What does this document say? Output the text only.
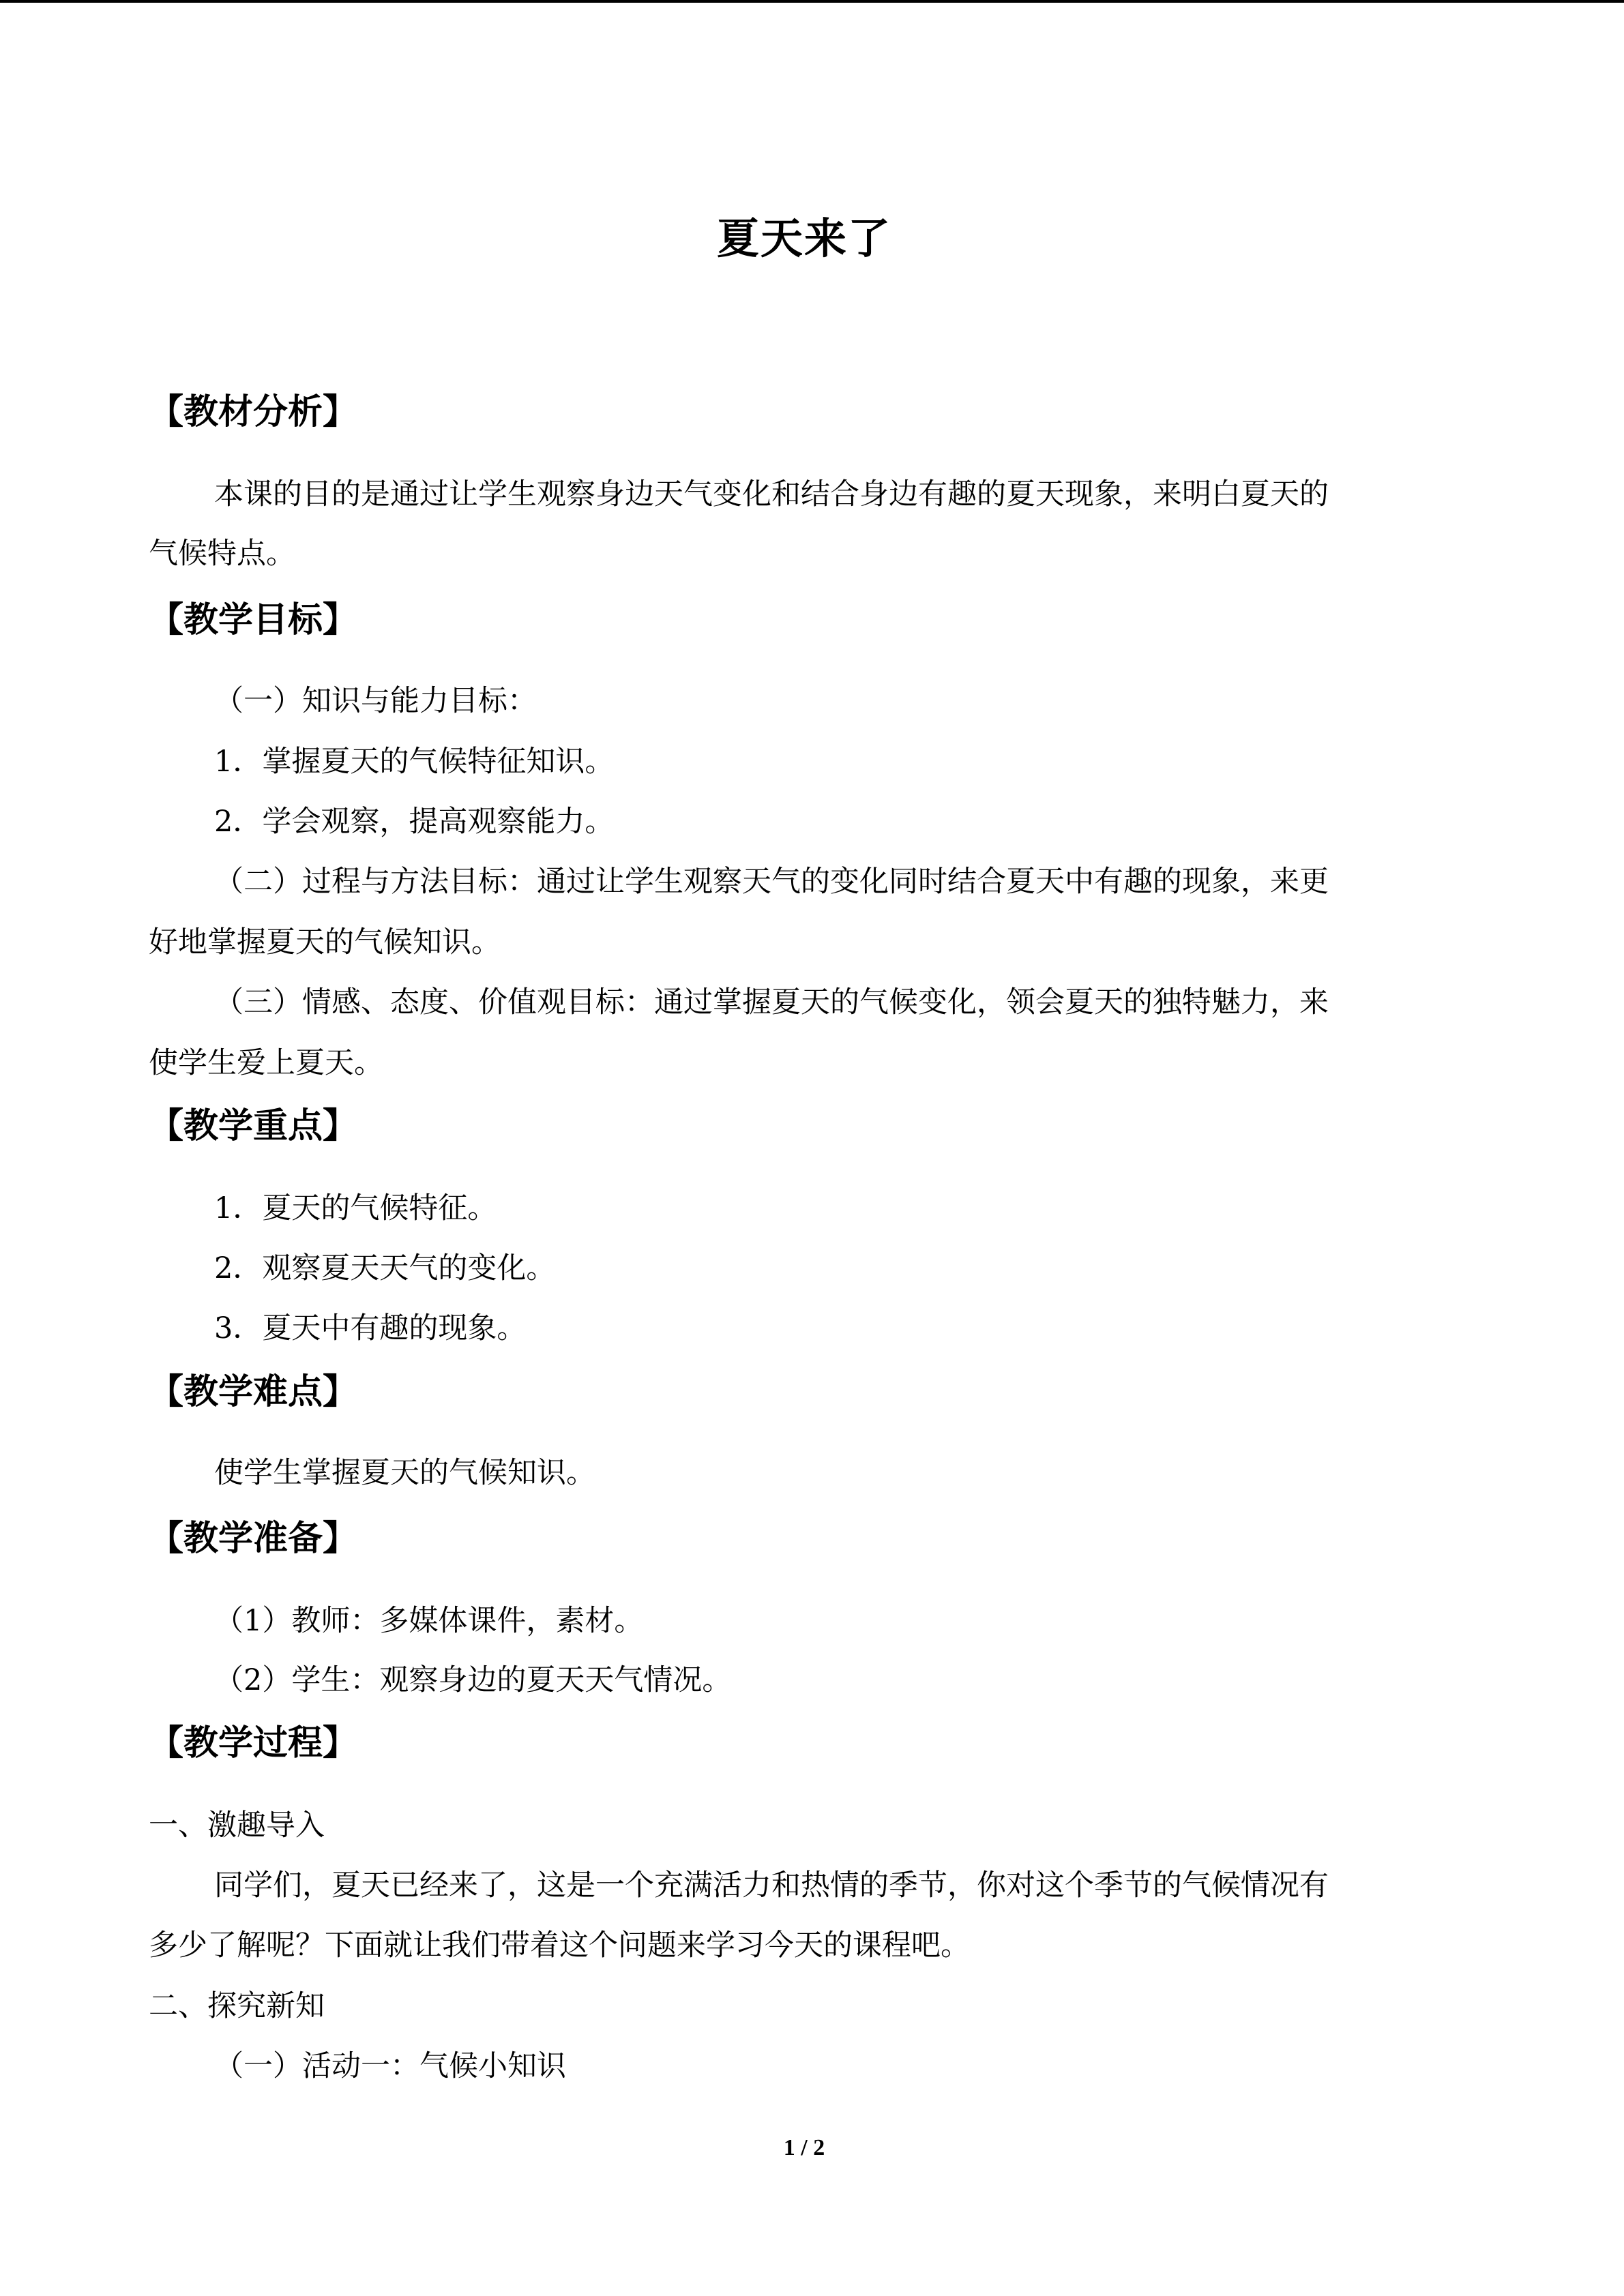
夏天来了
【教材分析】
本课的目的是通过让学生观察身边天气变化和结合身边有趣的夏天现象，来明白夏天的
气候特点。
【教学目标】
（一）知识与能力目标：
1．掌握夏天的气候特征知识。
2．学会观察，提高观察能力。
（二）过程与方法目标：通过让学生观察天气的变化同时结合夏天中有趣的现象，来更
好地掌握夏天的气候知识。
（三）情感、态度、价值观目标：通过掌握夏天的气候变化，领会夏天的独特魅力，来
使学生爱上夏天。
【教学重点】
1．夏天的气候特征。
2．观察夏天天气的变化。
3．夏天中有趣的现象。
【教学难点】
使学生掌握夏天的气候知识。
【教学准备】
（1）教师：多媒体课件，素材。
（2）学生：观察身边的夏天天气情况。
【教学过程】
一、激趣导入
同学们，夏天已经来了，这是一个充满活力和热情的季节，你对这个季节的气候情况有
多少了解呢？下面就让我们带着这个问题来学习今天的课程吧。
二、探究新知
（一）活动一：气候小知识
1 / 2
